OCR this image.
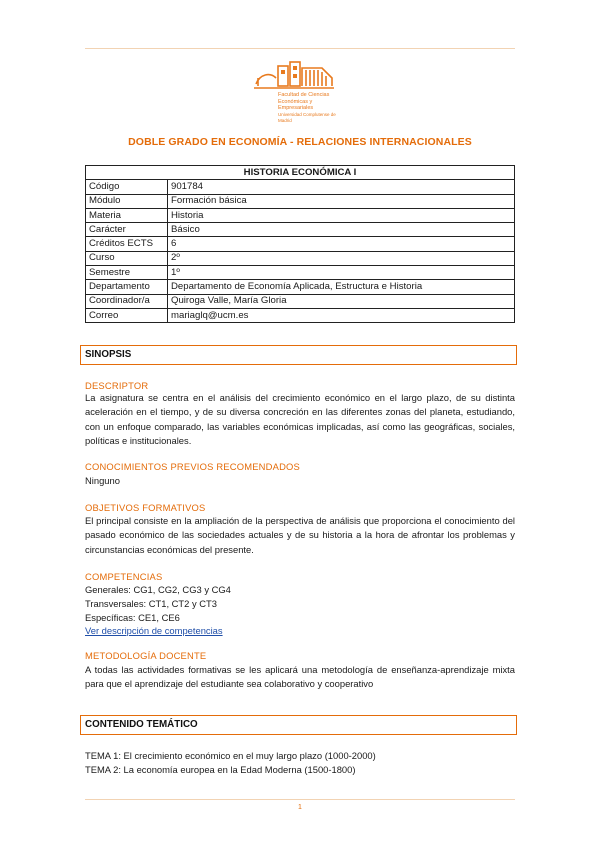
Facultad de Ciencias
Económicas y Empresariales
Universidad Complutense de Madrid
DOBLE GRADO EN ECONOMÍA - RELACIONES INTERNACIONALES
HISTORIA ECONÓMICA I	
Código	901784
Módulo	Formación básica
Materia	Historia
Carácter	Básico
Créditos ECTS	6
Curso	2º
Semestre	1º
Departamento	Departamento de Economía Aplicada, Estructura e Historia
Coordinador/a	Quiroga Valle, María Gloria
Correo	mariaglq@ucm.es
SINOPSIS
DESCRIPTOR
La asignatura se centra en el análisis del crecimiento económico en el largo plazo, de su distinta aceleración en el tiempo, y de su diversa concreción en las diferentes zonas del planeta, estudiando, con un enfoque comparado, las variables económicas implicadas, así como las geográficas, sociales, políticas e institucionales.
CONOCIMIENTOS PREVIOS RECOMENDADOS
Ninguno
OBJETIVOS FORMATIVOS
El principal consiste en la ampliación de la perspectiva de análisis que proporciona el conocimiento del pasado económico de las sociedades actuales y de su historia a la hora de afrontar los problemas y circunstancias económicas del presente.
COMPETENCIAS
Generales: CG1, CG2, CG3 y CG4
Transversales: CT1, CT2 y CT3
Específicas: CE1, CE6
Ver descripción de competencias
METODOLOGÍA DOCENTE
A todas las actividades formativas se les aplicará una metodología de enseñanza-aprendizaje mixta para que el aprendizaje del estudiante sea colaborativo y cooperativo
CONTENIDO TEMÁTICO
TEMA 1: El crecimiento económico en el muy largo plazo (1000-2000)
TEMA 2: La economía europea en la Edad Moderna (1500-1800)
1
